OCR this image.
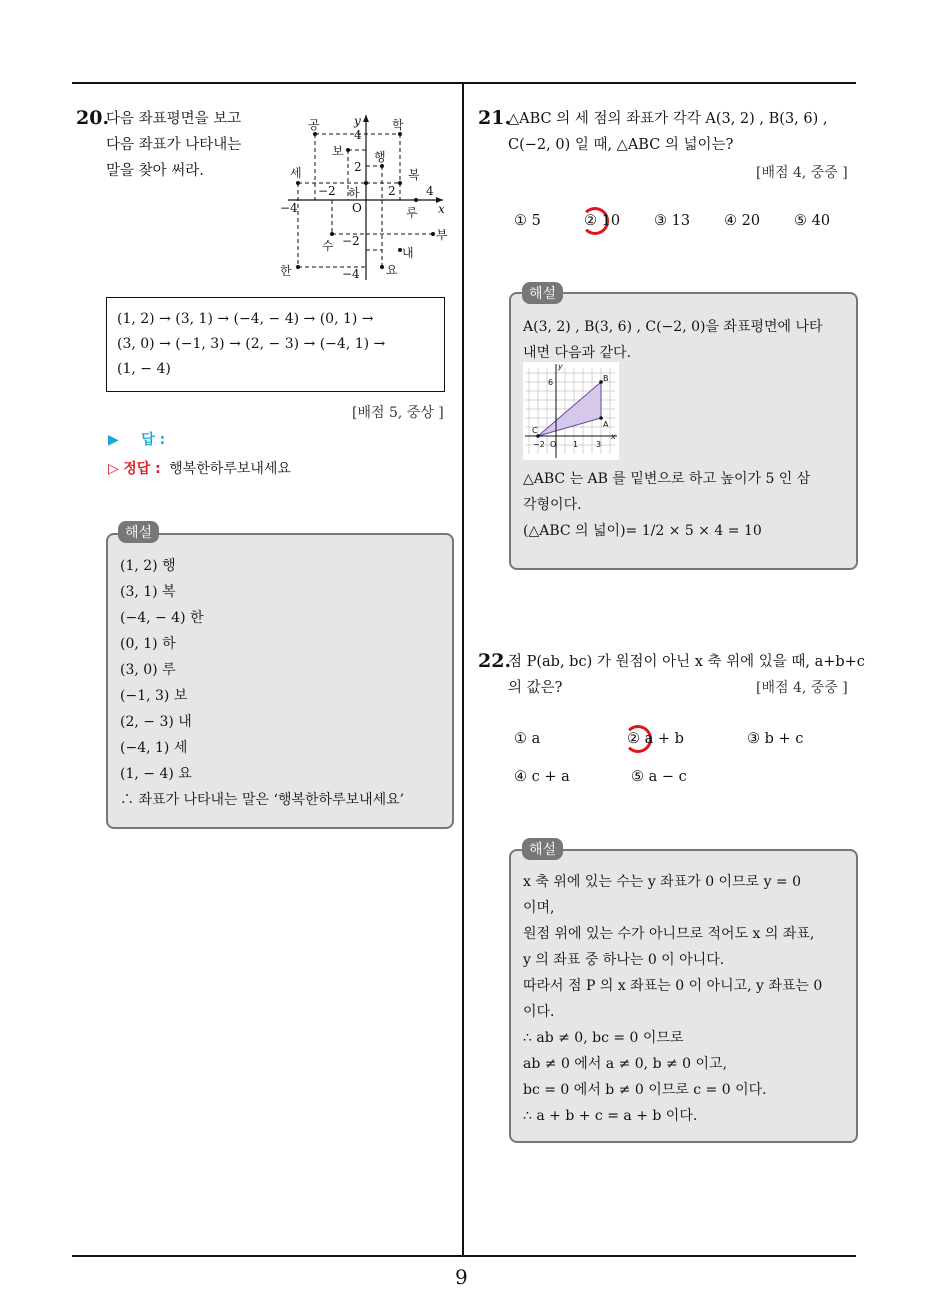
9
20.
다음 좌표평면을 보고
다음 좌표가 나타내는
말을 찾아 써라.
y
x
O
−4
−2	2	4
4
2
−2
−4
공	학
보	행
세	복
하
루
수
부
내
한	요
(1, 2) → (3, 1) → (−4, − 4) → (0, 1) →
(3, 0) → (−1, 3) → (2, − 3) → (−4, 1) →
(1, − 4)
[배점 5, 중상 ]
▶ 답 :
▷ 정답 : 행복한하루보내세요
(1, 2) 행
(3, 1) 복
(−4, − 4) 한
(0, 1) 하
(3, 0) 루
(−1, 3) 보
(2, − 3) 내
(−4, 1) 세
(1, − 4) 요
∴ 좌표가 나타내는 말은 ‘행복한하루보내세요’
해설
21.
△ABC 의 세 점의 좌표가 각각 A(3, 2) , B(3, 6) ,
C(−2, 0) 일 때, △ABC 의 넓이는?
[배점 4, 중중 ]
① 5	② 10 ③ 13 ④ 20 ⑤ 40
A(3, 2) , B(3, 6) , C(−2, 0)을 좌표평면에 나타
내면 다음과 같다.
y
6	B
C
A
−2 O 1 3
x
△ABC 는 AB 를 밑변으로 하고 높이가 5 인 삼
각형이다.
(△ABC 의 넓이)= 1/2 × 5 × 4 = 10
해설
22.
점 P(ab, bc) 가 원점이 아닌 x 축 위에 있을 때, a+b+c
의 값은?	[배점 4, 중중 ]
① a	② a + b	③ b + c
④ c + a	⑤ a − c
x 축 위에 있는 수는 y 좌표가 0 이므로 y = 0
이며,
원점 위에 있는 수가 아니므로 적어도 x 의 좌표,
y 의 좌표 중 하나는 0 이 아니다.
따라서 점 P 의 x 좌표는 0 이 아니고, y 좌표는 0
이다.
∴ ab ≠ 0, bc = 0 이므로
ab ≠ 0 에서 a ≠ 0, b ≠ 0 이고,
bc = 0 에서 b ≠ 0 이므로 c = 0 이다.
∴ a + b + c = a + b 이다.
해설
